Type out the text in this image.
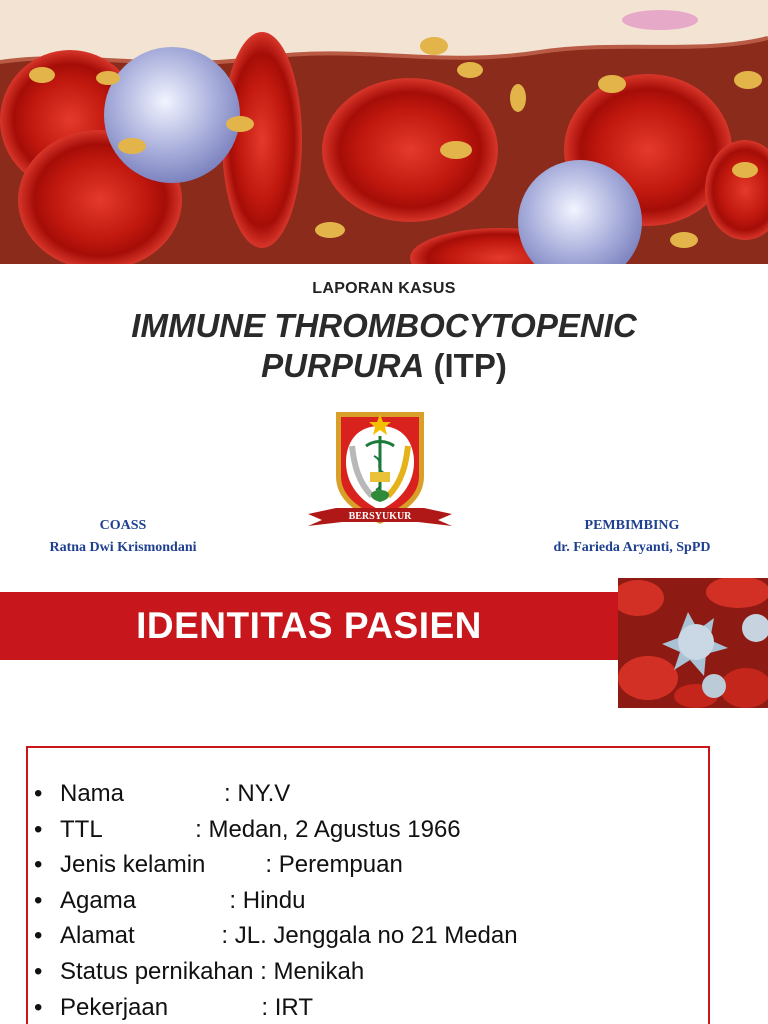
LAPORAN KASUS
IMMUNE THROMBOCYTOPENIC
PURPURA (ITP)
BERSYUKUR
COASS
Ratna Dwi Krismondani
PEMBIMBING
dr. Farieda Aryanti, SpPD
IDENTITAS PASIEN
• Nama               : NY.V
• TTL              : Medan, 2 Agustus 1966
• Jenis kelamin         : Perempuan
• Agama              : Hindu
• Alamat             : JL. Jenggala no 21 Medan
• Status pernikahan : Menikah
• Pekerjaan              : IRT
